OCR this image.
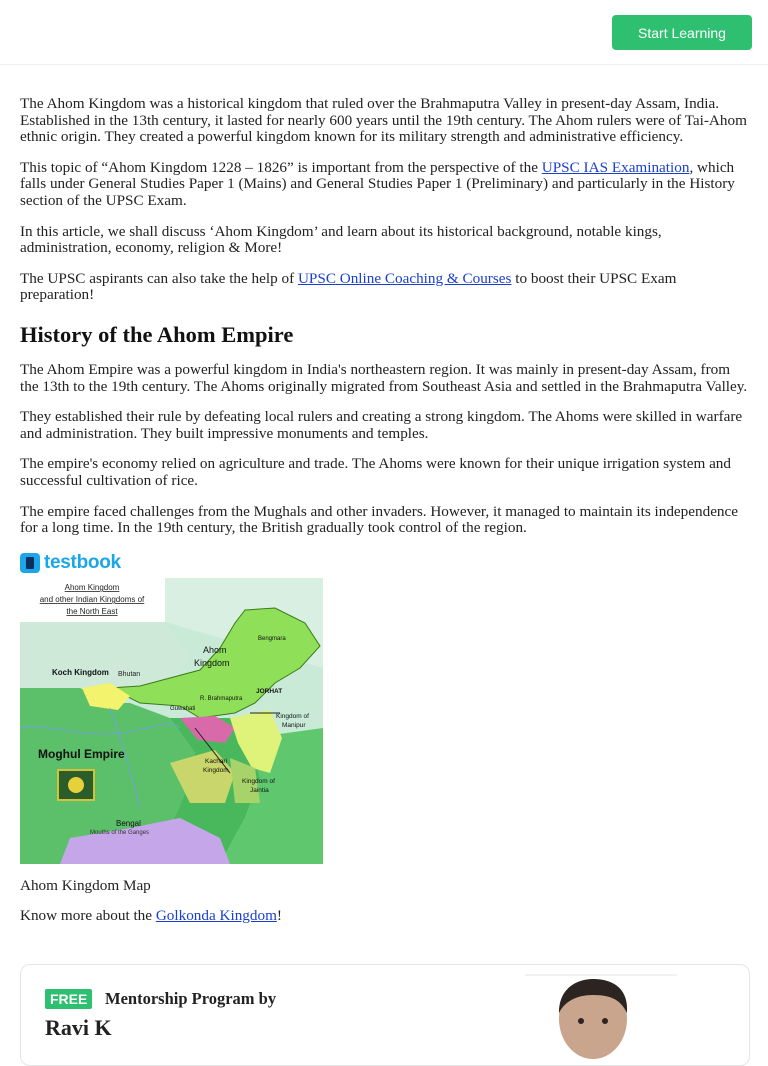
Start Learning

The Ahom Kingdom was a historical kingdom that ruled over the Brahmaputra Valley in present-day Assam, India. Established in the 13th century, it lasted for nearly 600 years until the 19th century. The Ahom rulers were of Tai-Ahom ethnic origin. They created a powerful kingdom known for its military strength and administrative efficiency.

This topic of “Ahom Kingdom 1228 – 1826” is important from the perspective of the UPSC IAS Examination, which falls under General Studies Paper 1 (Mains) and General Studies Paper 1 (Preliminary) and particularly in the History section of the UPSC Exam.

In this article, we shall discuss ‘Ahom Kingdom’ and learn about its historical background, notable kings, administration, economy, religion & More!

The UPSC aspirants can also take the help of UPSC Online Coaching & Courses to boost their UPSC Exam preparation!

History of the Ahom Empire

The Ahom Empire was a powerful kingdom in India's northeastern region. It was mainly in present-day Assam, from the 13th to the 19th century. The Ahoms originally migrated from Southeast Asia and settled in the Brahmaputra Valley.

They established their rule by defeating local rulers and creating a strong kingdom. The Ahoms were skilled in warfare and administration. They built impressive monuments and temples.

The empire's economy relied on agriculture and trade. The Ahoms were known for their unique irrigation system and successful cultivation of rice.

The empire faced challenges from the Mughals and other invaders. However, it managed to maintain its independence for a long time. In the 19th century, the British gradually took control of the region.

testbook
Ahom Kingdom
and other Indian Kingdoms of
the North East
Koch Kingdom Bhutan
Ahom
Kingdom
Bengmara
JORHAT
R. Brahmaputra
Guwahati
Kingdom of
Manipur
Moghul Empire
Kachari
Kingdom
Kingdom of
Jaintia
Bengal
Mouths of the Ganges

Ahom Kingdom Map

Know more about the Golkonda Kingdom!

FREE	Mentorship Program by
Ravi K
